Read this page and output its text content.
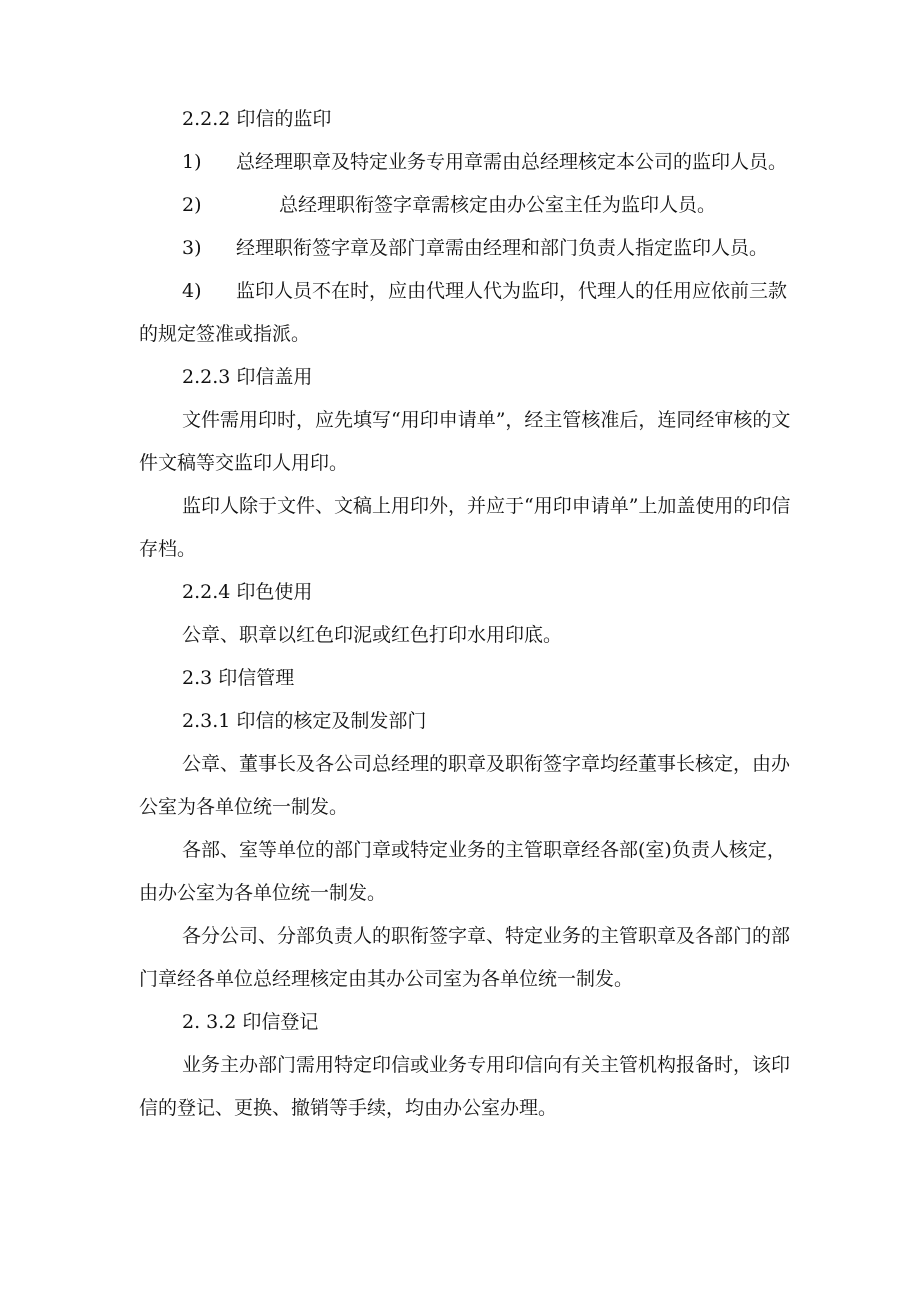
2.2.2 印信的监印

1) 总经理职章及特定业务专用章需由总经理核定本公司的监印人员。

2)	总经理职衔签字章需核定由办公室主任为监印人员。
3)	经理职衔签字章及部门章需由经理和部门负责人指定监印人员。

4) 监印人员不在时，应由代理人代为监印，代理人的任用应依前三款的规定签准或指派。

2.2.3 印信盖用

文件需用印时，应先填写“用印申请单”，经主管核准后，连同经审核的文件文稿等交监印人用印。

监印人除于文件、文稿上用印外，并应于“用印申请单”上加盖使用的印信存档。

2.2.4 印色使用

公章、职章以红色印泥或红色打印水用印底。

2.3 印信管理

2.3.1 印信的核定及制发部门

公章、董事长及各公司总经理的职章及职衔签字章均经董事长核定，由办公室为各单位统一制发。

各部、室等单位的部门章或特定业务的主管职章经各部(室)负责人核定，由办公室为各单位统一制发。

各分公司、分部负责人的职衔签字章、特定业务的主管职章及各部门的部门章经各单位总经理核定由其办公司室为各单位统一制发。

2. 3.2 印信登记

业务主办部门需用特定印信或业务专用印信向有关主管机构报备时，该印信的登记、更换、撤销等手续，均由办公室办理。
